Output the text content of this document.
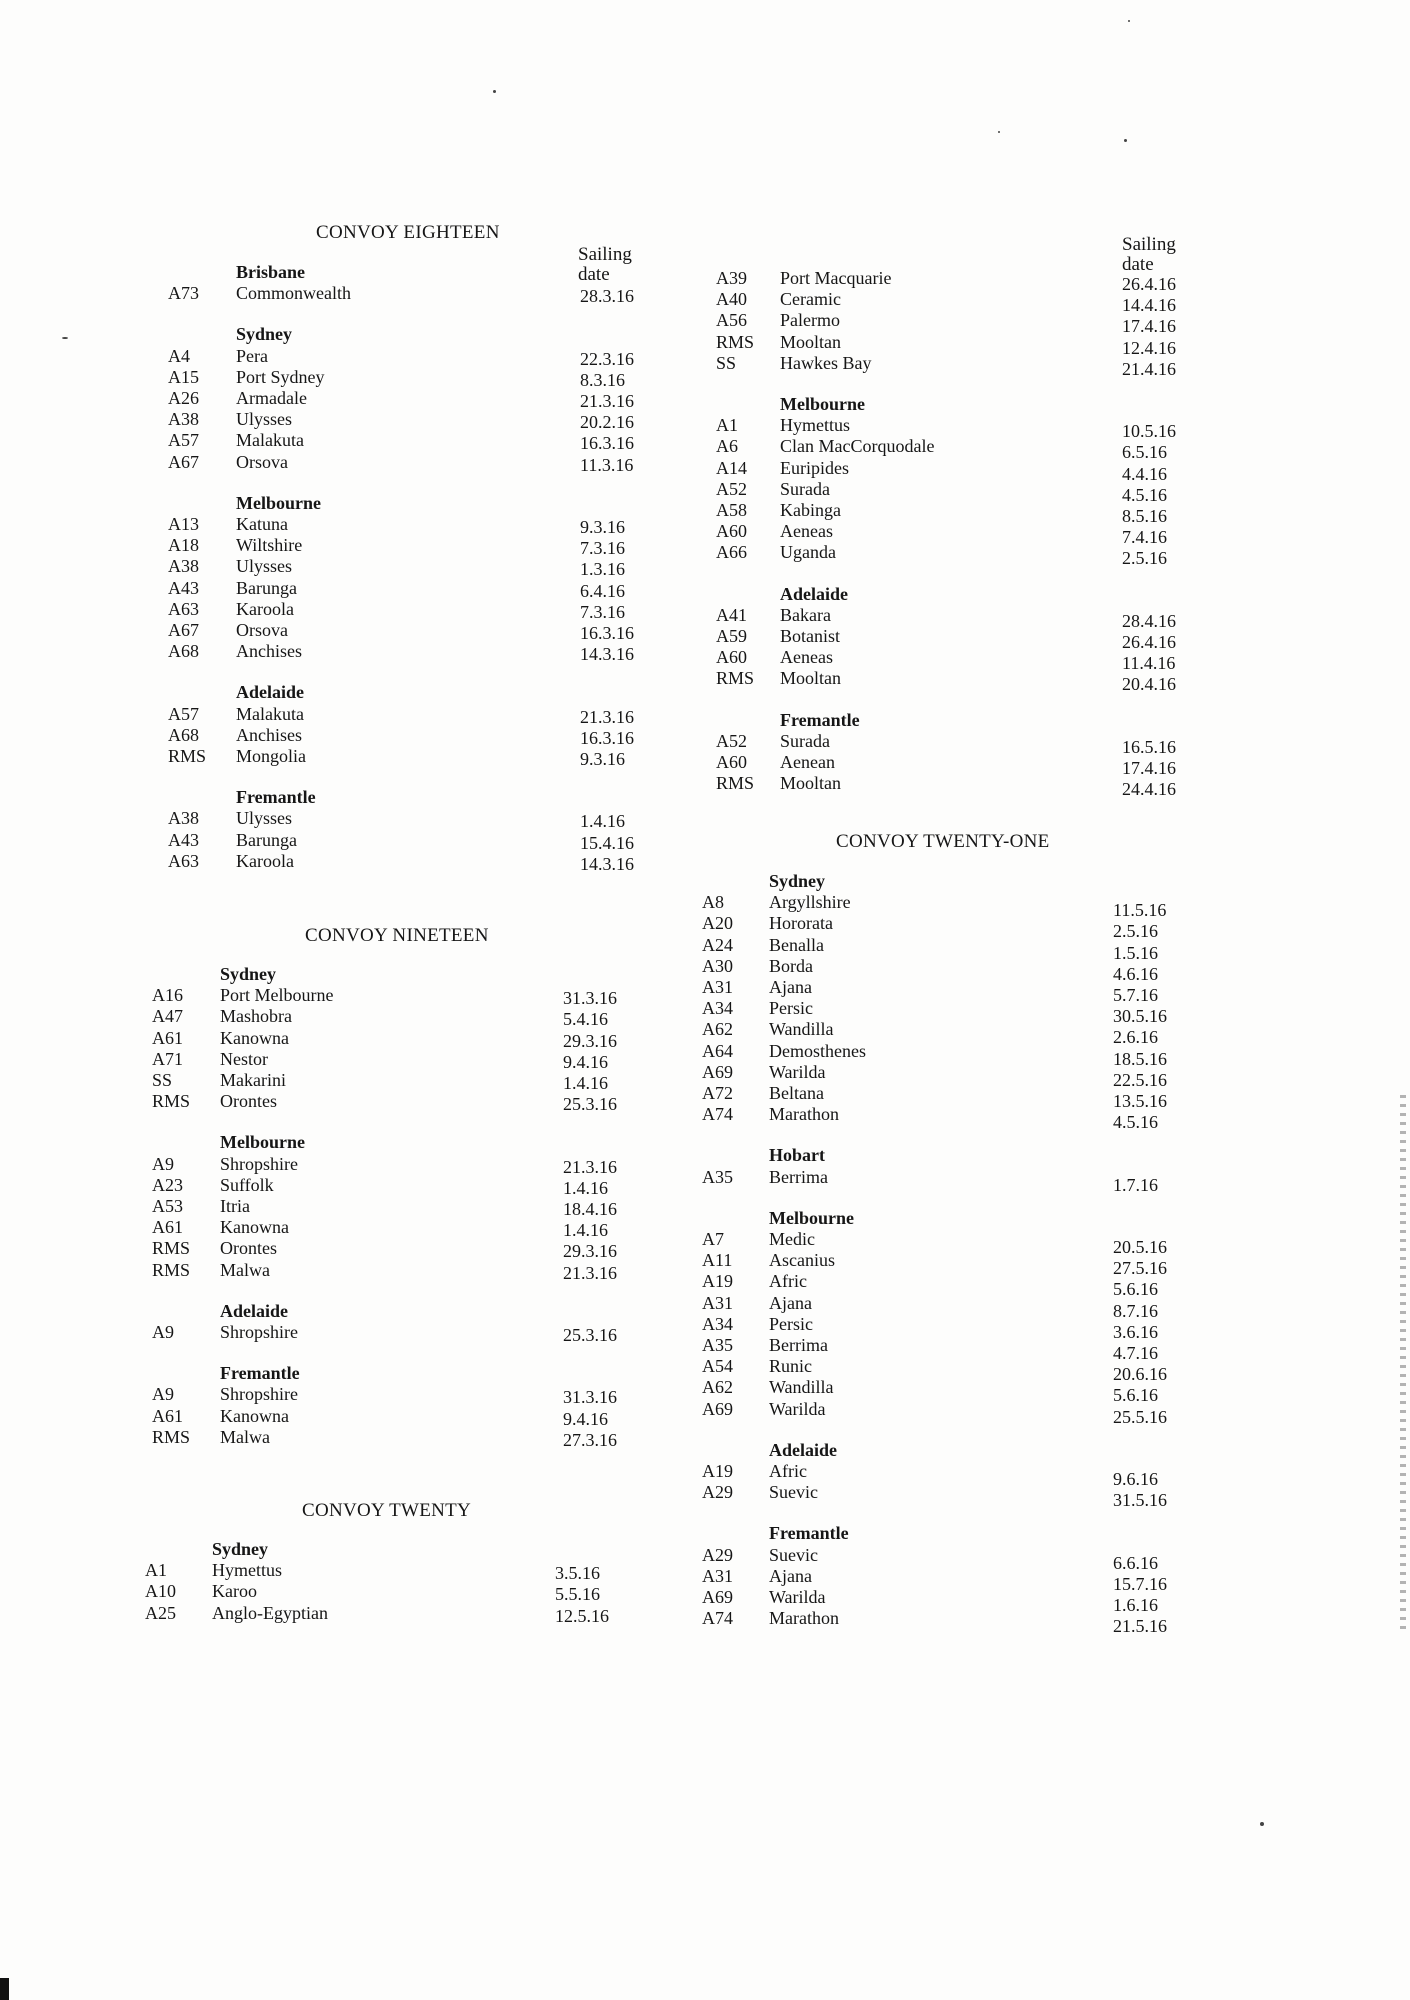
CONVOY EIGHTEEN
Sailing
date
Brisbane
A73 Commonwealth	28.3.16
Sydney
A4	Pera	22.3.16
A15 Port Sydney	8.3.16
A26 Armadale	21.3.16
A38 Ulysses	20.2.16
A57 Malakuta	16.3.16
A67 Orsova	11.3.16
Melbourne
A13 Katuna	9.3.16
A18 Wiltshire	7.3.16
A38 Ulysses	1.3.16
A43 Barunga	6.4.16
A63 Karoola	7.3.16
A67 Orsova	16.3.16
A68 Anchises	14.3.16
Adelaide
A57 Malakuta	21.3.16
A68 Anchises	16.3.16
RMS Mongolia	9.3.16
Fremantle
A38 Ulysses	1.4.16
A43 Barunga	15.4.16
A63 Karoola	14.3.16
CONVOY NINETEEN
Sydney
A16 Port Melbourne	31.3.16
A47 Mashobra	5.4.16
A61 Kanowna	29.3.16
A71 Nestor	9.4.16
SS	Makarini	1.4.16
RMS Orontes	25.3.16
Melbourne
A9	Shropshire	21.3.16
A23 Suffolk	1.4.16
A53 Itria	18.4.16
A61 Kanowna	1.4.16
RMS Orontes	29.3.16
RMS Malwa	21.3.16
Adelaide
A9	Shropshire	25.3.16
Fremantle
A9	Shropshire	31.3.16
A61 Kanowna	9.4.16
RMS Malwa	27.3.16
CONVOY TWENTY
Sydney
A1	Hymettus	3.5.16
A10 Karoo	5.5.16
A25 Anglo-Egyptian	12.5.16
Sailing
date
A39 Port Macquarie	26.4.16
A40 Ceramic	14.4.16
A56 Palermo	17.4.16
RMS Mooltan	12.4.16
SS Hawkes Bay	21.4.16
Melbourne
A1 Hymettus	10.5.16
A6 Clan MacCorquodale	6.5.16
A14 Euripides	4.4.16
A52 Surada	4.5.16
A58 Kabinga	8.5.16
A60 Aeneas	7.4.16
A66 Uganda	2.5.16
Adelaide
A41 Bakara	28.4.16
A59 Botanist	26.4.16
A60 Aeneas	11.4.16
RMS Mooltan	20.4.16
Fremantle
A52 Surada	16.5.16
A60 Aenean	17.4.16
RMS Mooltan	24.4.16
CONVOY TWENTY-ONE
Sydney
A8	Argyllshire	11.5.16
A20 Hororata	2.5.16
A24 Benalla	1.5.16
A30 Borda	4.6.16
A31 Ajana	5.7.16
A34 Persic	30.5.16
A62 Wandilla	2.6.16
A64 Demosthenes	18.5.16
A69 Warilda	22.5.16
A72 Beltana	13.5.16
A74 Marathon	4.5.16
Hobart
A35 Berrima	1.7.16
Melbourne
A7	Medic	20.5.16
A11 Ascanius	27.5.16
A19 Afric	5.6.16
A31 Ajana	8.7.16
A34 Persic	3.6.16
A35 Berrima	4.7.16
A54 Runic	20.6.16
A62 Wandilla	5.6.16
A69 Warilda	25.5.16
Adelaide
A19 Afric	9.6.16
A29 Suevic	31.5.16
Fremantle
A29 Suevic	6.6.16
A31 Ajana	15.7.16
A69 Warilda	1.6.16
A74 Marathon	21.5.16
